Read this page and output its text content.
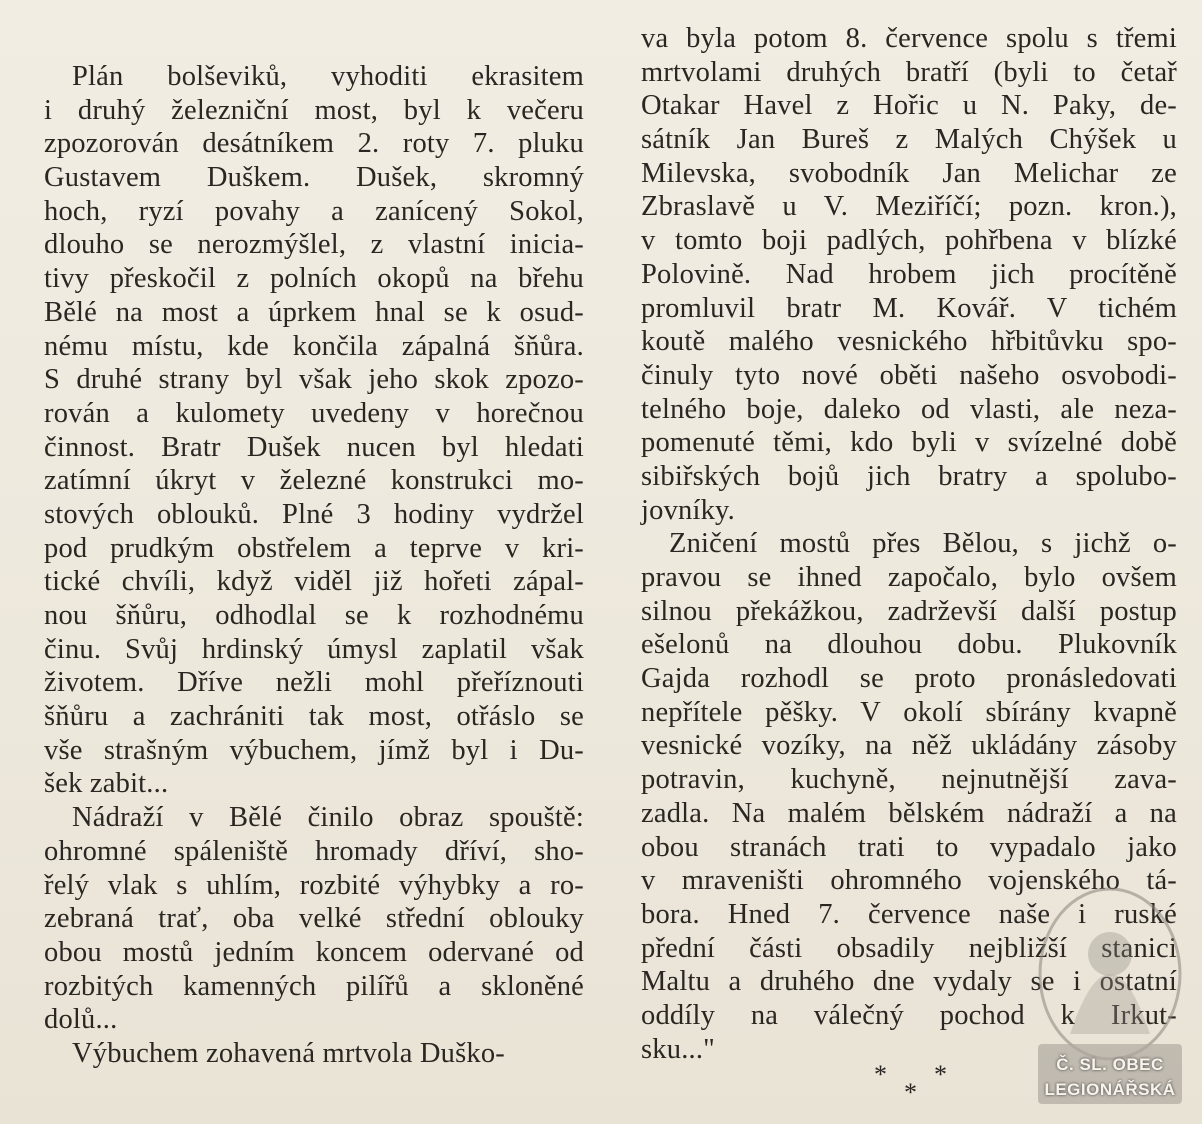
Plán bolševiků, vyhoditi ekrasitem
i druhý železniční most, byl k večeru
zpozorován desátníkem 2. roty 7. pluku
Gustavem Duškem. Dušek, skromný
hoch, ryzí povahy a zanícený Sokol,
dlouho se nerozmýšlel, z vlastní inicia-
tivy přeskočil z polních okopů na břehu
Bělé na most a úprkem hnal se k osud-
nému místu, kde končila zápalná šňůra.
S druhé strany byl však jeho skok zpozo-
rován a kulomety uvedeny v horečnou
činnost. Bratr Dušek nucen byl hledati
zatímní úkryt v železné konstrukci mo-
stových oblouků. Plné 3 hodiny vydržel
pod prudkým obstřelem a teprve v kri-
tické chvíli, když viděl již hořeti zápal-
nou šňůru, odhodlal se k rozhodnému
činu. Svůj hrdinský úmysl zaplatil však
životem. Dříve nežli mohl přeříznouti
šňůru a zachrániti tak most, otřáslo se
vše strašným výbuchem, jímž byl i Du-
šek zabit...
Nádraží v Bělé činilo obraz spouště:
ohromné spáleniště hromady dříví, sho-
řelý vlak s uhlím, rozbité výhybky a ro-
zebraná trať, oba velké střední oblouky
obou mostů jedním koncem odervané od
rozbitých kamenných pilířů a skloněné
dolů...
Výbuchem zohavená mrtvola Duško-
va byla potom 8. července spolu s třemi
mrtvolami druhých bratří (byli to četař
Otakar Havel z Hořic u N. Paky, de-
sátník Jan Bureš z Malých Chýšek u
Milevska, svobodník Jan Melichar ze
Zbraslavě u V. Meziříčí; pozn. kron.),
v tomto boji padlých, pohřbena v blízké
Polovině. Nad hrobem jich procítěně
promluvil bratr M. Kovář. V tichém
koutě malého vesnického hřbitůvku spo-
činuly tyto nové oběti našeho osvobodi-
telného boje, daleko od vlasti, ale neza-
pomenuté těmi, kdo byli v svízelné době
sibiřských bojů jich bratry a spolubo-
jovníky.
Zničení mostů přes Bělou, s jichž o-
pravou se ihned započalo, bylo ovšem
silnou překážkou, zadrževší další postup
ešelonů na dlouhou dobu. Plukovník
Gajda rozhodl se proto pronásledovati
nepřítele pěšky. V okolí sbírány kvapně
vesnické vozíky, na něž ukládány zásoby
potravin, kuchyně, nejnutnější zava-
zadla. Na malém bělském nádraží a na
obou stranách trati to vypadalo jako
v mraveništi ohromného vojenského tá-
bora. Hned 7. července naše i ruské
přední části obsadily nejbližší stanici
Maltu a druhého dne vydaly se i ostatní
oddíly na válečný pochod k Irkut-
sku..."
* *
*
Č. SL. OBEC
LEGIONÁŘSKÁ
